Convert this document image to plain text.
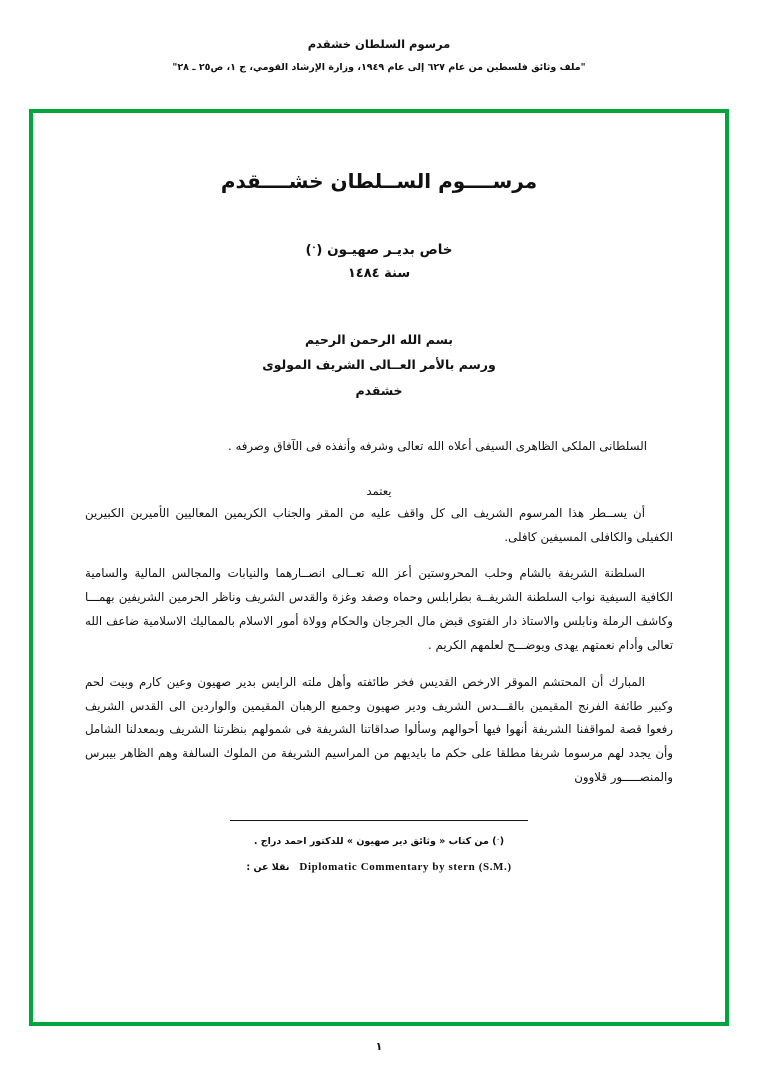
مرسوم السلطان خشقدم
"ملف وثائق فلسطين من عام ٦٢٧ إلى عام ١٩٤٩، وزارة الإرشاد القومي، ج ١، ص٢٥ ـ ٢٨"
مرســــوم الســلطان خشــــقدم
خاص بديـر صهيـون (﮲)
سنة ١٤٨٤
بسم الله الرحمن الرحيم
ورسم بالأمر العــالى الشريف المولوى
خشقدم
السلطانى الملكى الظاهرى السيفى أعلاه الله تعالى وشرفه وأنفذه فى الآفاق وصرفه .
يعتمد

أن يســطر هذا المرسوم الشريف الى كل واقف عليه من المقر والجناب الكريمين المعاليين الأميرين الكبيرين الكفيلى والكافلى المسيفين كافلى.

السلطنة الشريفة بالشام وحلب المحروستين أعز الله تعــالى انصــارهما والنيابات والمجالس المالية والسامية الكافية السيفية نواب السلطنة الشريفــة بطرابلس وحماه وصفد وغزة والقدس الشريف وناظر الحرمين الشريفين بهمـــا وكاشف الرملة ونابلس والاستاذ دار الفتوى قبض مال الجرجان والحكام وولاة أمور الاسلام بالمماليك الاسلامية ضاعف الله تعالى وأدام نعمتهم يهدى ويوضـــح لعلمهم الكريم .

المبارك أن المحتشم الموقر الارخص القديس فخر طائفته وأهل ملته الرايس بدير صهيون وعين كارم وبيت لحم وكبير طائفة الفرنج المقيمين بالقـــدس الشريف ودير صهيون وجميع الرهبان المقيمين والواردين الى القدس الشريف رفعوا قصة لمواقفنا الشريفة أنهوا فيها أحوالهم وسألوا صداقاتنا الشريفة فى شمولهم بنظرتنا الشريف وبمعدلنا الشامل وأن يجدد لهم مرسوما شريفا مطلقا على حكم ما بايديهم من المراسيم الشريفة من الملوك السالفة وهم الظاهر بيبرس والمنصـــــور قلاوون

(﮲) من كتاب « وثائق دير صهيون » للدكتور احمد دراج .
نقلا عن : Diplomatic Commentary by stern (S.M.)
١
